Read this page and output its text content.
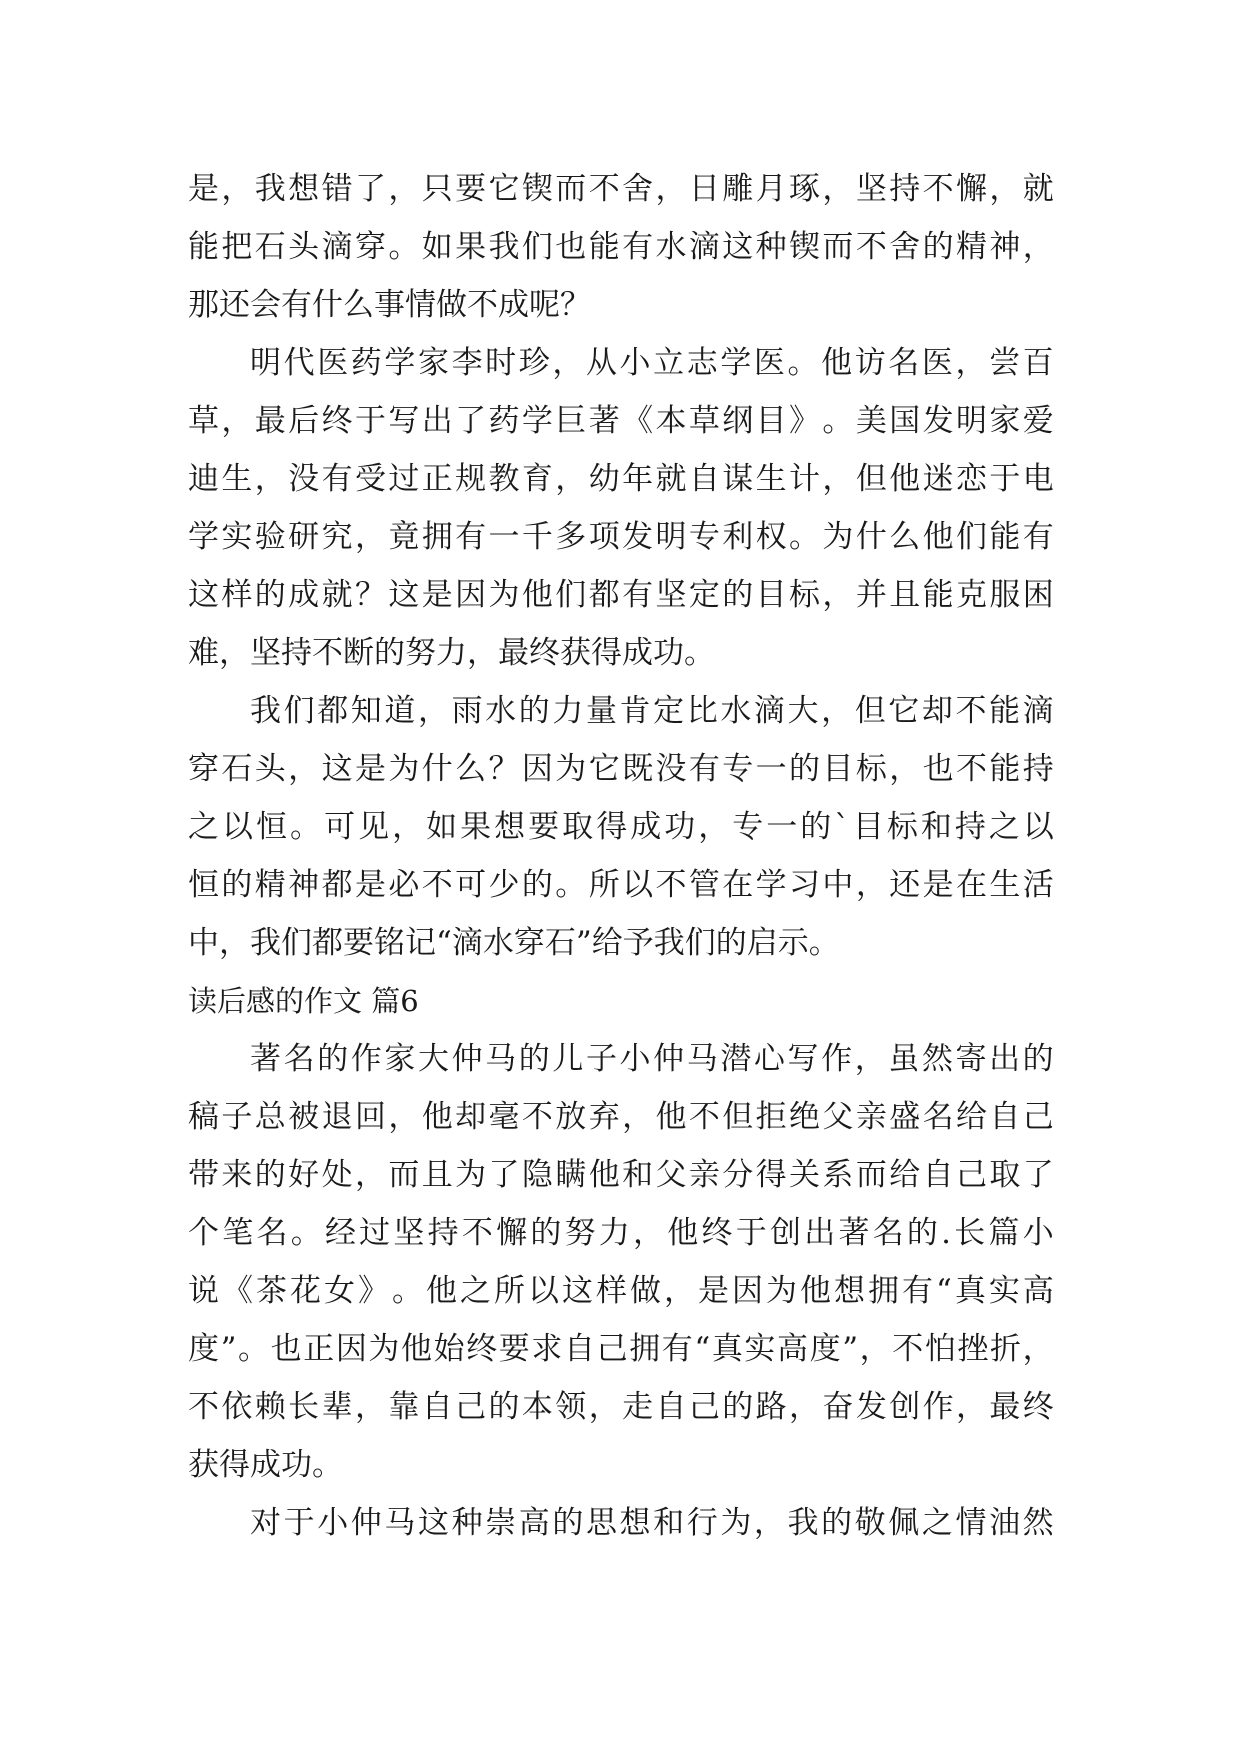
是 ， 我 想 错 了 ， 只 要 它 锲 而 不 舍 ， 日 雕 月 琢 ， 坚 持 不 懈 ， 就
能 把 石 头 滴 穿 。 如 果 我 们 也 能 有 水 滴 这 种 锲 而 不 舍 的 精 神 ，
那 还 会 有 什 么 事 情 做 不 成 呢 ？
明 代 医 药 学 家 李 时 珍 ， 从 小 立 志 学 医 。 他 访 名 医 ， 尝 百
草 ， 最 后 终 于 写 出 了 药 学 巨 著 《 本 草 纲 目 》 。 美 国 发 明 家 爱
迪 生 ， 没 有 受 过 正 规 教 育 ， 幼 年 就 自 谋 生 计 ， 但 他 迷 恋 于 电
学 实 验 研 究 ， 竟 拥 有 一 千 多 项 发 明 专 利 权 。 为 什 么 他 们 能 有
这 样 的 成 就 ？ 这 是 因 为 他 们 都 有 坚 定 的 目 标 ， 并 且 能 克 服 困
难 ， 坚 持 不 断 的 努 力 ， 最 终 获 得 成 功 。
我 们 都 知 道 ， 雨 水 的 力 量 肯 定 比 水 滴 大 ， 但 它 却 不 能 滴
穿 石 头 ， 这 是 为 什 么 ？ 因 为 它 既 没 有 专 一 的 目 标 ， 也 不 能 持
之 以 恒 。 可 见 ， 如 果 想 要 取 得 成 功 ， 专 一 的 ` 目 标 和 持 之 以
恒 的 精 神 都 是 必 不 可 少 的 。 所 以 不 管 在 学 习 中 ， 还 是 在 生 活
中 ， 我 们 都 要 铭 记 “ 滴 水 穿 石 ” 给 予 我 们 的 启 示 。
读后感的作文 篇6
著 名 的 作 家 大 仲 马 的 儿 子 小 仲 马 潜 心 写 作 ， 虽 然 寄 出 的
稿 子 总 被 退 回 ， 他 却 毫 不 放 弃 ， 他 不 但 拒 绝 父 亲 盛 名 给 自 己
带 来 的 好 处 ， 而 且 为 了 隐 瞒 他 和 父 亲 分 得 关 系 而 给 自 己 取 了
个 笔 名 。 经 过 坚 持 不 懈 的 努 力 ， 他 终 于 创 出 著 名 的 . 长 篇 小
说 《 茶 花 女 》 。 他 之 所 以 这 样 做 ， 是 因 为 他 想 拥 有 “ 真 实 高
度 ” 。 也 正 因 为 他 始 终 要 求 自 己 拥 有 “ 真 实 高 度 ” ， 不 怕 挫 折 ，
不 依 赖 长 辈 ， 靠 自 己 的 本 领 ， 走 自 己 的 路 ， 奋 发 创 作 ， 最 终
获 得 成 功 。
对 于 小 仲 马 这 种 崇 高 的 思 想 和 行 为 ， 我 的 敬 佩 之 情 油 然
